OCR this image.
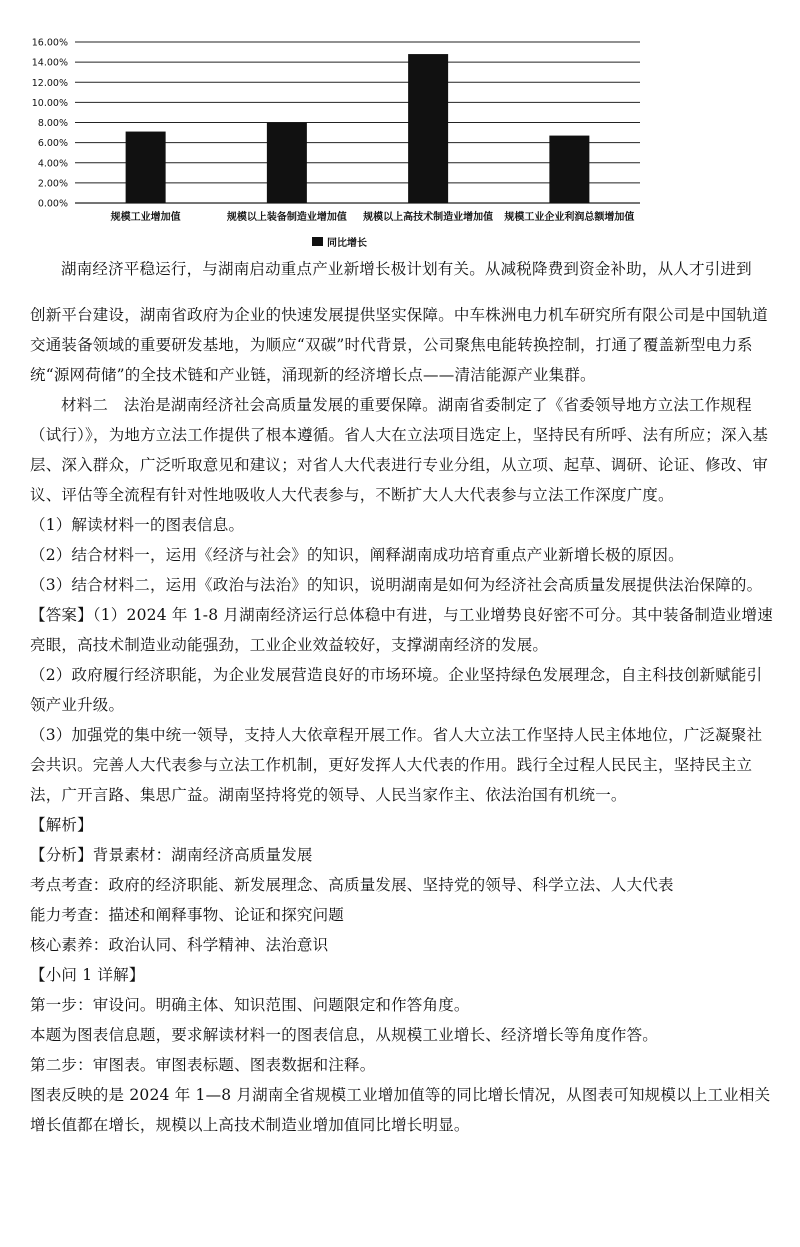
0.00%
2.00%
4.00%
6.00%
8.00%
10.00%
12.00%
14.00%
16.00%
规模工业增加值	规模以上装备制造业增加值 规模以上高技术制造业增加值 规模工业企业利润总额增加值
同比增长

湖南经济平稳运行，与湖南启动重点产业新增长极计划有关。从减税降费到资金补助，从人才引进到

创新平台建设，湖南省政府为企业的快速发展提供坚实保障。中车株洲电力机车研究所有限公司是中国轨道交通装备领域的重要研发基地，为顺应“双碳”时代背景，公司聚焦电能转换控制，打通了覆盖新型电力系统“源网荷储”的全技术链和产业链，涌现新的经济增长点——清洁能源产业集群。

材料二　法治是湖南经济社会高质量发展的重要保障。湖南省委制定了《省委领导地方立法工作规程（试行）》，为地方立法工作提供了根本遵循。省人大在立法项目选定上，坚持民有所呼、法有所应；深入基层、深入群众，广泛听取意见和建议；对省人大代表进行专业分组，从立项、起草、调研、论证、修改、审议、评估等全流程有针对性地吸收人大代表参与，不断扩大人大代表参与立法工作深度广度。

（1）解读材料一的图表信息。

（2）结合材料一，运用《经济与社会》的知识，阐释湖南成功培育重点产业新增长极的原因。

（3）结合材料二，运用《政治与法治》的知识，说明湖南是如何为经济社会高质量发展提供法治保障的。

【答案】（1）2024 年 1-8 月湖南经济运行总体稳中有进，与工业增势良好密不可分。其中装备制造业增速亮眼，高技术制造业动能强劲，工业企业效益较好，支撑湖南经济的发展。

（2）政府履行经济职能，为企业发展营造良好的市场环境。企业坚持绿色发展理念，自主科技创新赋能引领产业升级。

（3）加强党的集中统一领导，支持人大依章程开展工作。省人大立法工作坚持人民主体地位，广泛凝聚社会共识。完善人大代表参与立法工作机制，更好发挥人大代表的作用。践行全过程人民民主，坚持民主立法，广开言路、集思广益。湖南坚持将党的领导、人民当家作主、依法治国有机统一。

【解析】

【分析】背景素材：湖南经济高质量发展

考点考查：政府的经济职能、新发展理念、高质量发展、坚持党的领导、科学立法、人大代表

能力考查：描述和阐释事物、论证和探究问题

核心素养：政治认同、科学精神、法治意识

【小问 1 详解】

第一步：审设问。明确主体、知识范围、问题限定和作答角度。

本题为图表信息题，要求解读材料一的图表信息，从规模工业增长、经济增长等角度作答。

第二步：审图表。审图表标题、图表数据和注释。

图表反映的是 2024 年 1—8 月湖南全省规模工业增加值等的同比增长情况，从图表可知规模以上工业相关增长值都在增长，规模以上高技术制造业增加值同比增长明显。
